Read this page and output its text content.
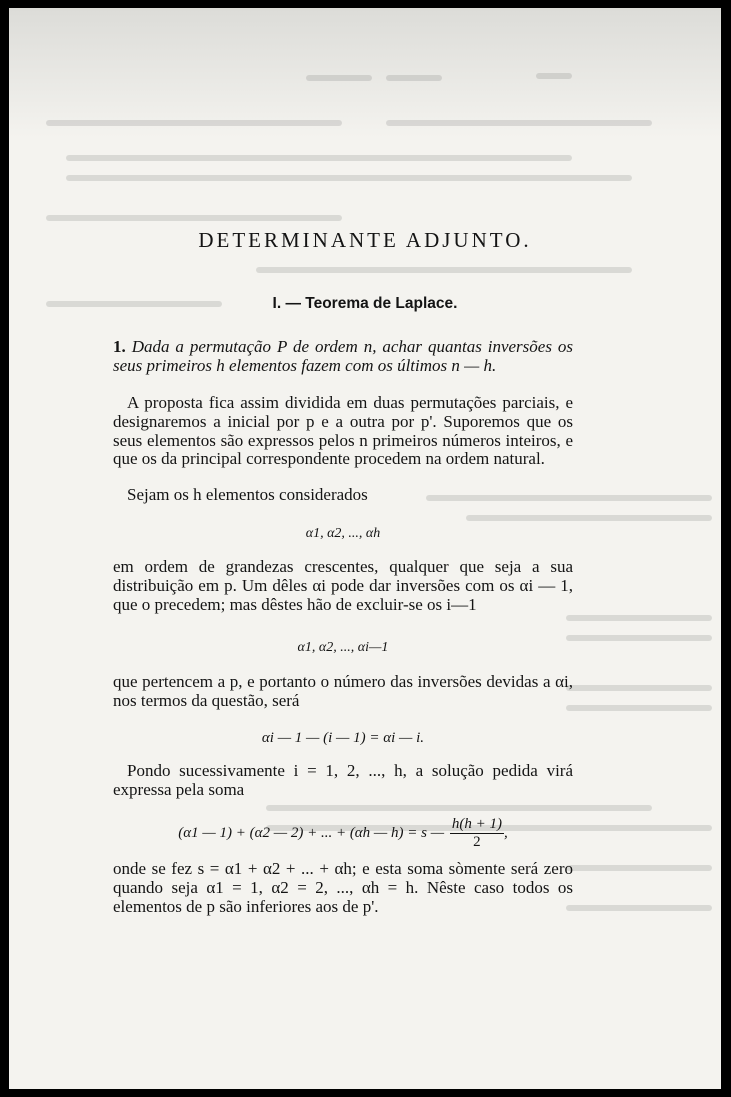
DETERMINANTE ADJUNTO.
I. — Teorema de Laplace.

1. Dada a permutação P de ordem n, achar quantas inversões os seus primeiros h elementos fazem com os últimos n — h.

A proposta fica assim dividida em duas permutações parciais, e designaremos a inicial por p e a outra por p'. Suporemos que os seus elementos são expressos pelos n primeiros números inteiros, e que os da principal correspondente procedem na ordem natural.

Sejam os h elementos considerados

α1, α2, ..., αh

em ordem de grandezas crescentes, qualquer que seja a sua distribuição em p. Um dêles αi pode dar inversões com os αi — 1, que o precedem; mas dêstes hão de excluir-se os i—1

α1, α2, ..., αi—1

que pertencem a p, e portanto o número das inversões devidas a αi, nos termos da questão, será

αi — 1 — (i — 1) = αi — i.

Pondo sucessivamente i = 1, 2, ..., h, a solução pedida virá expressa pela soma

(α1 — 1) + (α2 — 2) + ... + (αh — h) = s — $\frac{h(h + 1)}{2}$ ,

onde se fez s = α1 + α2 + ... + αh; e esta soma sòmente será zero quando seja α1 = 1, α2 = 2, ..., αh = h. Nêste caso todos os elementos de p são inferiores aos de p'.
